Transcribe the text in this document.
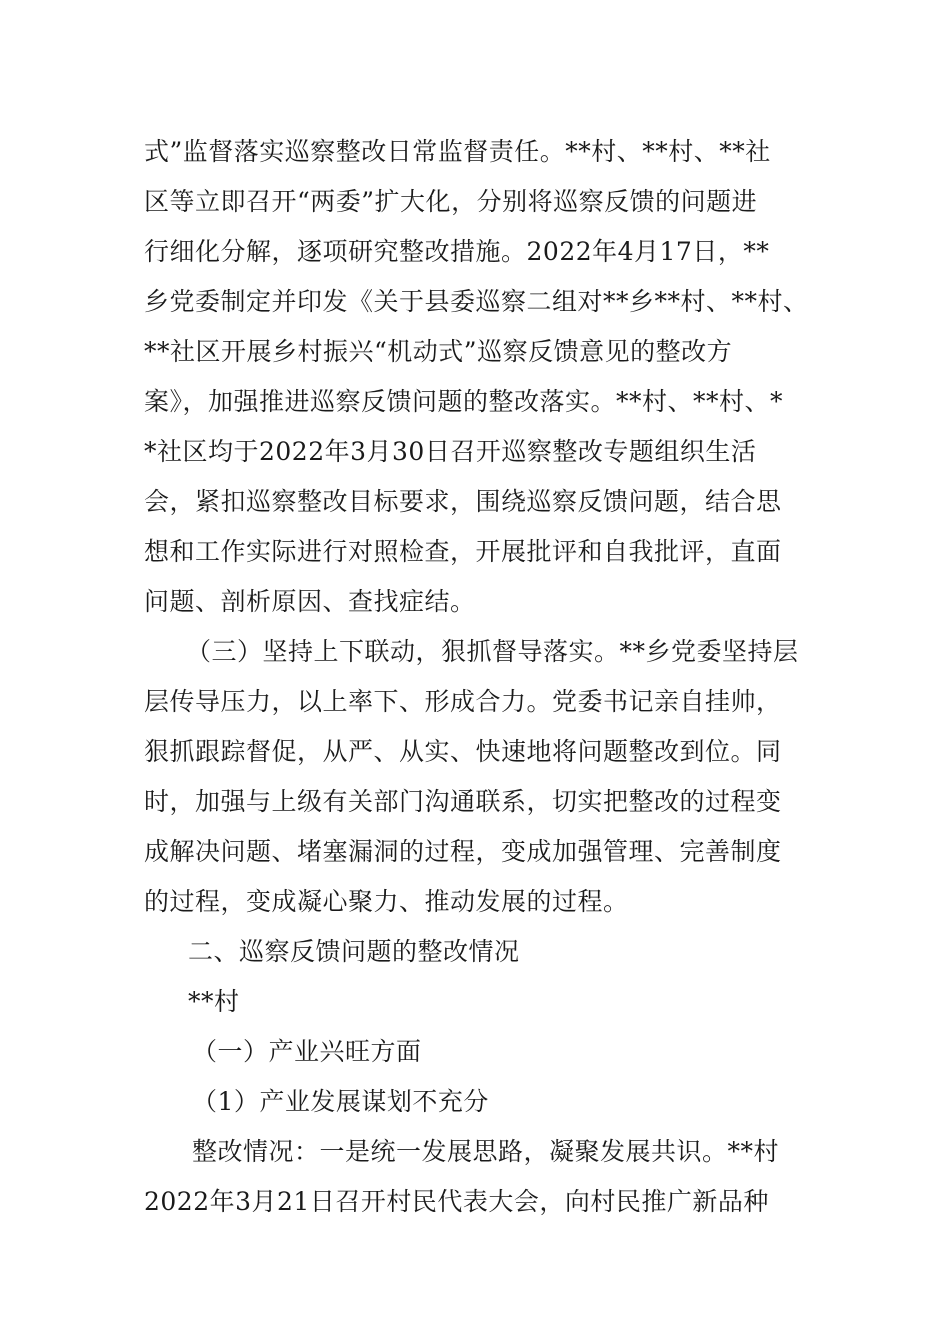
式”监督落实巡察整改日常监督责任。**村、**村、**社
区等立即召开“两委”扩大化，分别将巡察反馈的问题进
行细化分解，逐项研究整改措施。2022年4月17日，**
乡党委制定并印发《关于县委巡察二组对**乡**村、**村、
**社区开展乡村振兴“机动式”巡察反馈意见的整改方
案》，加强推进巡察反馈问题的整改落实。**村、**村、*
*社区均于2022年3月30日召开巡察整改专题组织生活
会，紧扣巡察整改目标要求，围绕巡察反馈问题，结合思
想和工作实际进行对照检查，开展批评和自我批评，直面
问题、剖析原因、查找症结。
（三）坚持上下联动，狠抓督导落实。**乡党委坚持层
层传导压力，以上率下、形成合力。党委书记亲自挂帅，
狠抓跟踪督促，从严、从实、快速地将问题整改到位。同
时，加强与上级有关部门沟通联系，切实把整改的过程变
成解决问题、堵塞漏洞的过程，变成加强管理、完善制度
的过程，变成凝心聚力、推动发展的过程。
二、巡察反馈问题的整改情况
**村
（一）产业兴旺方面
（1）产业发展谋划不充分
整改情况：一是统一发展思路，凝聚发展共识。**村
2022年3月21日召开村民代表大会，向村民推广新品种
